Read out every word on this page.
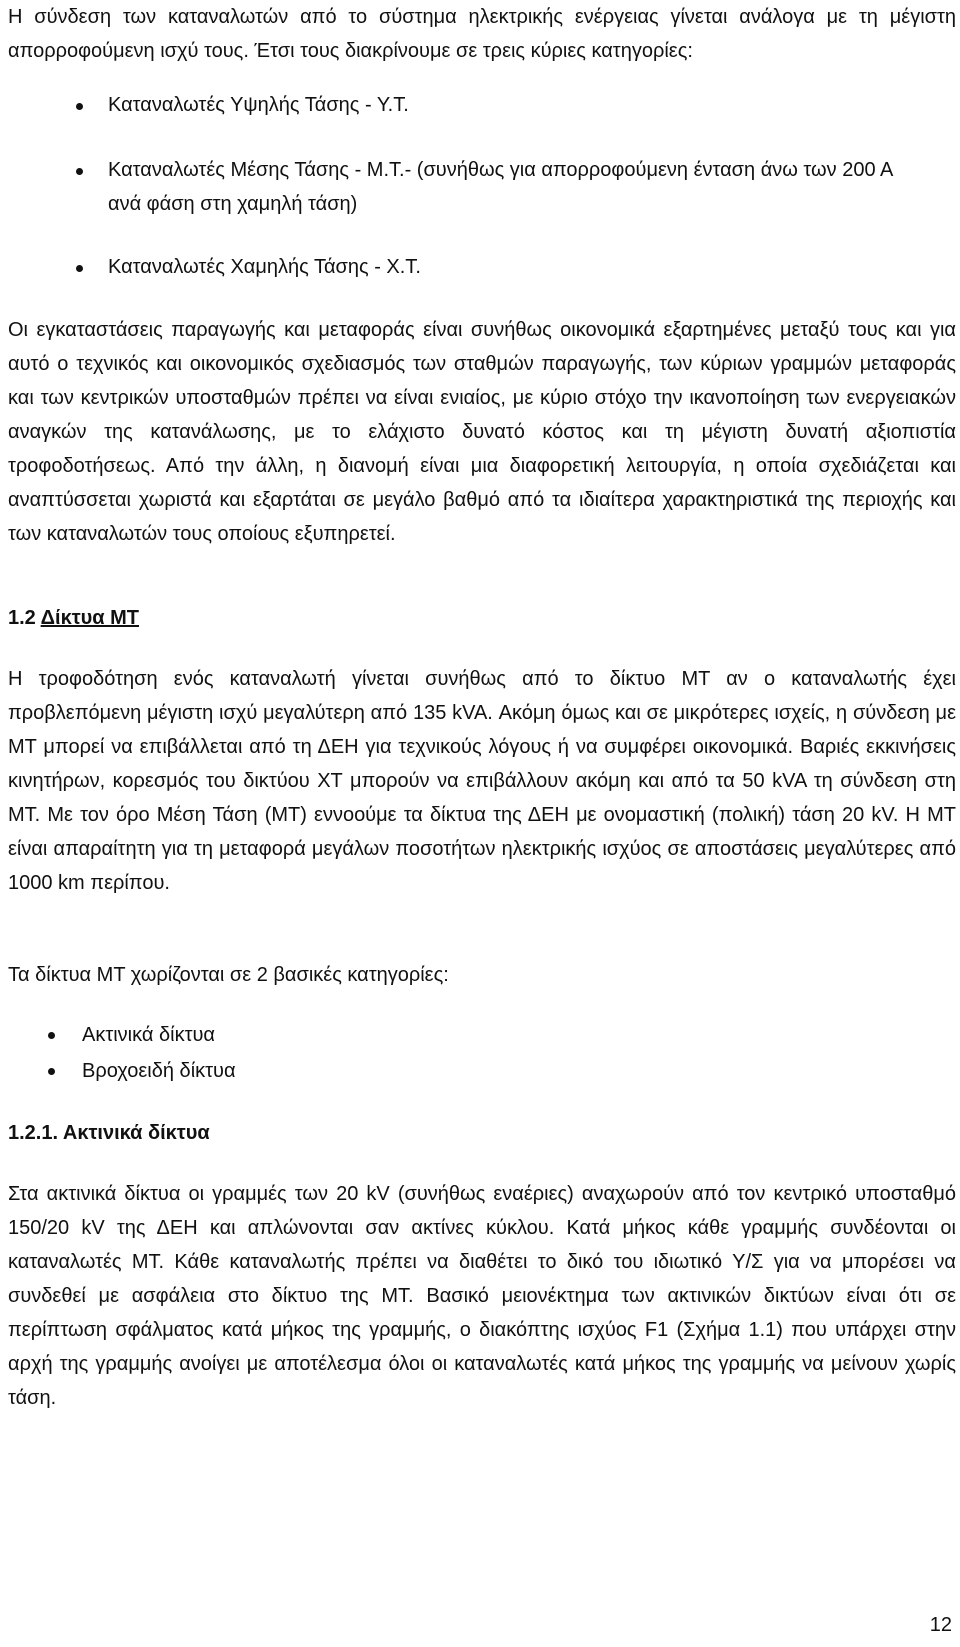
Η σύνδεση των καταναλωτών από το σύστημα ηλεκτρικής ενέργειας γίνεται ανάλογα με τη μέγιστη απορροφούμενη ισχύ τους. Έτσι τους διακρίνουμε σε τρεις κύριες κατηγορίες:

Καταναλωτές Υψηλής Τάσης - Υ.Τ.

Καταναλωτές Μέσης Τάσης - Μ.Τ.- (συνήθως για απορροφούμενη ένταση άνω των 200 Α ανά φάση στη χαμηλή τάση)

Καταναλωτές Χαμηλής Τάσης - Χ.Τ.

Οι εγκαταστάσεις παραγωγής και μεταφοράς είναι συνήθως οικονομικά εξαρτημένες μεταξύ τους και για αυτό ο τεχνικός και οικονομικός σχεδιασμός των σταθμών παραγωγής, των κύριων γραμμών μεταφοράς και των κεντρικών υποσταθμών πρέπει να είναι ενιαίος, με κύριο στόχο την ικανοποίηση των ενεργειακών αναγκών της κατανάλωσης, με το ελάχιστο δυνατό κόστος και τη μέγιστη δυνατή αξιοπιστία τροφοδοτήσεως. Από την άλλη, η διανομή είναι μια διαφορετική λειτουργία, η οποία σχεδιάζεται και αναπτύσσεται χωριστά και εξαρτάται σε μεγάλο βαθμό από τα ιδιαίτερα χαρακτηριστικά της περιοχής και των καταναλωτών τους οποίους εξυπηρετεί.

1.2 Δίκτυα ΜΤ

Η τροφοδότηση ενός καταναλωτή γίνεται συνήθως από το δίκτυο ΜΤ αν ο καταναλωτής έχει προβλεπόμενη μέγιστη ισχύ μεγαλύτερη από 135 kVA. Ακόμη όμως και σε μικρότερες ισχείς, η σύνδεση με ΜΤ μπορεί να επιβάλλεται από τη ΔΕΗ για τεχνικούς λόγους ή να συμφέρει οικονομικά. Βαριές εκκινήσεις κινητήρων, κορεσμός του δικτύου ΧΤ μπορούν να επιβάλλουν ακόμη και από τα 50 kVA τη σύνδεση στη ΜΤ. Με τον όρο Μέση Τάση (ΜΤ) εννοούμε τα δίκτυα της ΔΕΗ με ονομαστική (πολική) τάση 20 kV. Η ΜΤ είναι απαραίτητη για τη μεταφορά μεγάλων ποσοτήτων ηλεκτρικής ισχύος σε αποστάσεις μεγαλύτερες από 1000 km περίπου.

Τα δίκτυα ΜΤ χωρίζονται σε 2 βασικές κατηγορίες:

Ακτινικά δίκτυα

Βροχοειδή δίκτυα

1.2.1. Ακτινικά δίκτυα

Στα ακτινικά δίκτυα οι γραμμές των 20 kV (συνήθως εναέριες) αναχωρούν από τον κεντρικό υποσταθμό 150/20 kV της ΔΕΗ και απλώνονται σαν ακτίνες κύκλου. Κατά μήκος κάθε γραμμής συνδέονται οι καταναλωτές ΜΤ. Κάθε καταναλωτής πρέπει να διαθέτει το δικό του ιδιωτικό Υ/Σ για να μπορέσει να συνδεθεί με ασφάλεια στο δίκτυο της ΜΤ. Βασικό μειονέκτημα των ακτινικών δικτύων είναι ότι σε περίπτωση σφάλματος κατά μήκος της γραμμής, ο διακόπτης ισχύος F1 (Σχήμα 1.1) που υπάρχει στην αρχή της γραμμής ανοίγει με αποτέλεσμα όλοι οι καταναλωτές κατά μήκος της γραμμής να μείνουν χωρίς τάση.

12
